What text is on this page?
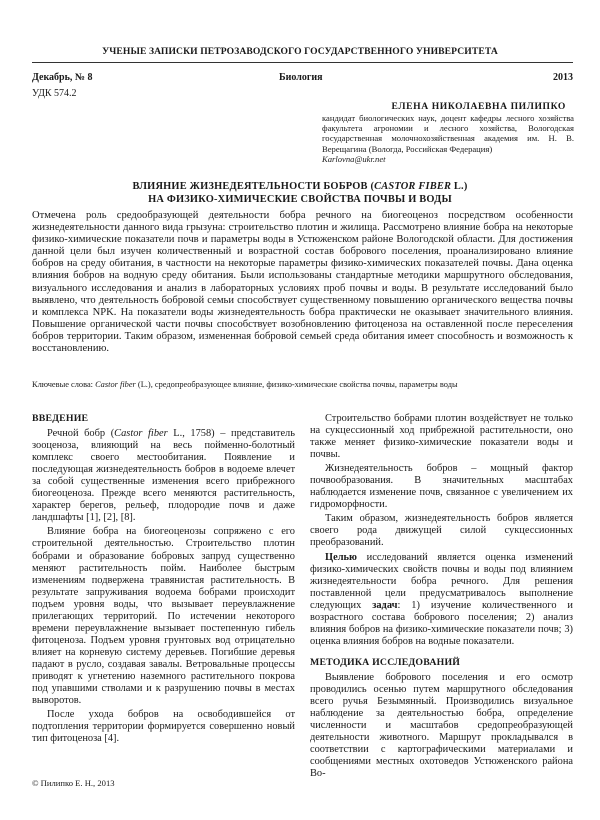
УЧЕНЫЕ ЗАПИСКИ ПЕТРОЗАВОДСКОГО ГОСУДАРСТВЕННОГО УНИВЕРСИТЕТА
Декабрь, № 8	Биология	2013
УДК 574.2
ЕЛЕНА НИКОЛАЕВНА ПИЛИПКО
кандидат биологических наук, доцент кафедры лесного хозяйства факультета агрономии и лесного хозяйства, Вологодская государственная молочнохозяйственная академия им. Н. В. Верещагина (Вологда, Российская Федерация)
Karlovna@ukr.net
ВЛИЯНИЕ ЖИЗНЕДЕЯТЕЛЬНОСТИ БОБРОВ (CASTOR FIBER L.)
НА ФИЗИКО-ХИМИЧЕСКИЕ СВОЙСТВА ПОЧВЫ И ВОДЫ
Отмечена роль средообразующей деятельности бобра речного на биогеоценоз посредством особенности жизнедеятельности данного вида грызуна: строительство плотин и жилища. Рассмотрено влияние бобра на некоторые физико-химические показатели почв и параметры воды в Устюженском районе Вологодской области. Для достижения данной цели был изучен количественный и возрастной состав бобрового поселения, проанализировано влияние бобров на среду обитания, в частности на некоторые параметры физико-химических показателей почвы. Дана оценка влияния бобров на водную среду обитания. Были использованы стандартные методики маршрутного обследования, визуального исследования и анализ в лабораторных условиях проб почвы и воды. В результате исследований было выявлено, что деятельность бобровой семьи способствует существенному повышению органического вещества почвы и комплекса NPK. На показатели воды жизнедеятельность бобра практически не оказывает значительного влияния. Повышение органической части почвы способствует возобновлению фитоценоза на оставленной после переселения бобров территории. Таким образом, измененная бобровой семьей среда обитания имеет способность и возможность к восстановлению.
Ключевые слова: Castor fiber (L.), средопреобразующее влияние, физико-химические свойства почвы, параметры воды
ВВЕДЕНИЕ

Речной бобр (Castor fiber L., 1758) – представитель зооценоза, влияющий на весь пойменно-болотный комплекс своего местообитания. Появление и последующая жизнедеятельность бобров в водоеме влечет за собой существенные изменения всего прибрежного биогеоценоза. Прежде всего меняются растительность, характер берегов, рельеф, плодородие почв и даже ландшафты [1], [2], [8].

Влияние бобра на биогеоценозы сопряжено с его строительной деятельностью. Строительство плотин бобрами и образование бобровых запруд существенно меняют растительность пойм. Наиболее быстрым изменениям подвержена травянистая растительность. В результате запруживания водоема бобрами происходит подъем уровня воды, что вызывает переувлажнение прилегающих территорий. По истечении некоторого времени переувлажнение вызывает постепенную гибель фитоценоза. Подъем уровня грунтовых вод отрицательно влияет на корневую систему деревьев. Погибшие деревья падают в русло, создавая завалы. Ветровальные процессы приводят к угнетению наземного растительного покрова под упавшими стволами и к разрушению почвы в местах выворотов.

После ухода бобров на освободившейся от подтопления территории формируется совершенно новый тип фитоценоза [4].

Строительство бобрами плотин воздействует не только на сукцессионный ход прибрежной растительности, оно также меняет физико-химические показатели воды и почвы.

Жизнедеятельность бобров – мощный фактор почвообразования. В значительных масштабах наблюдается изменение почв, связанное с увеличением их гидроморфности.

Таким образом, жизнедеятельность бобров является своего рода движущей силой сукцессионных преобразований.

Целью исследований является оценка изменений физико-химических свойств почвы и воды под влиянием жизнедеятельности бобра речного. Для решения поставленной цели предусматривалось выполнение следующих задач: 1) изучение количественного и возрастного состава бобрового поселения; 2) анализ влияния бобров на физико-химические показатели почв; 3) оценка влияния бобров на водные показатели.

МЕТОДИКА ИССЛЕДОВАНИЙ

Выявление бобрового поселения и его осмотр проводились осенью путем маршрутного обследования всего ручья Безымянный. Производились визуальное наблюдение за деятельностью бобра, определение численности и масштабов средопреобразующей деятельности животного. Маршрут прокладывался в соответствии с картографическими материалами и сообщениями местных охотоведов Устюженского района Во-

© Пилипко Е. Н., 2013
